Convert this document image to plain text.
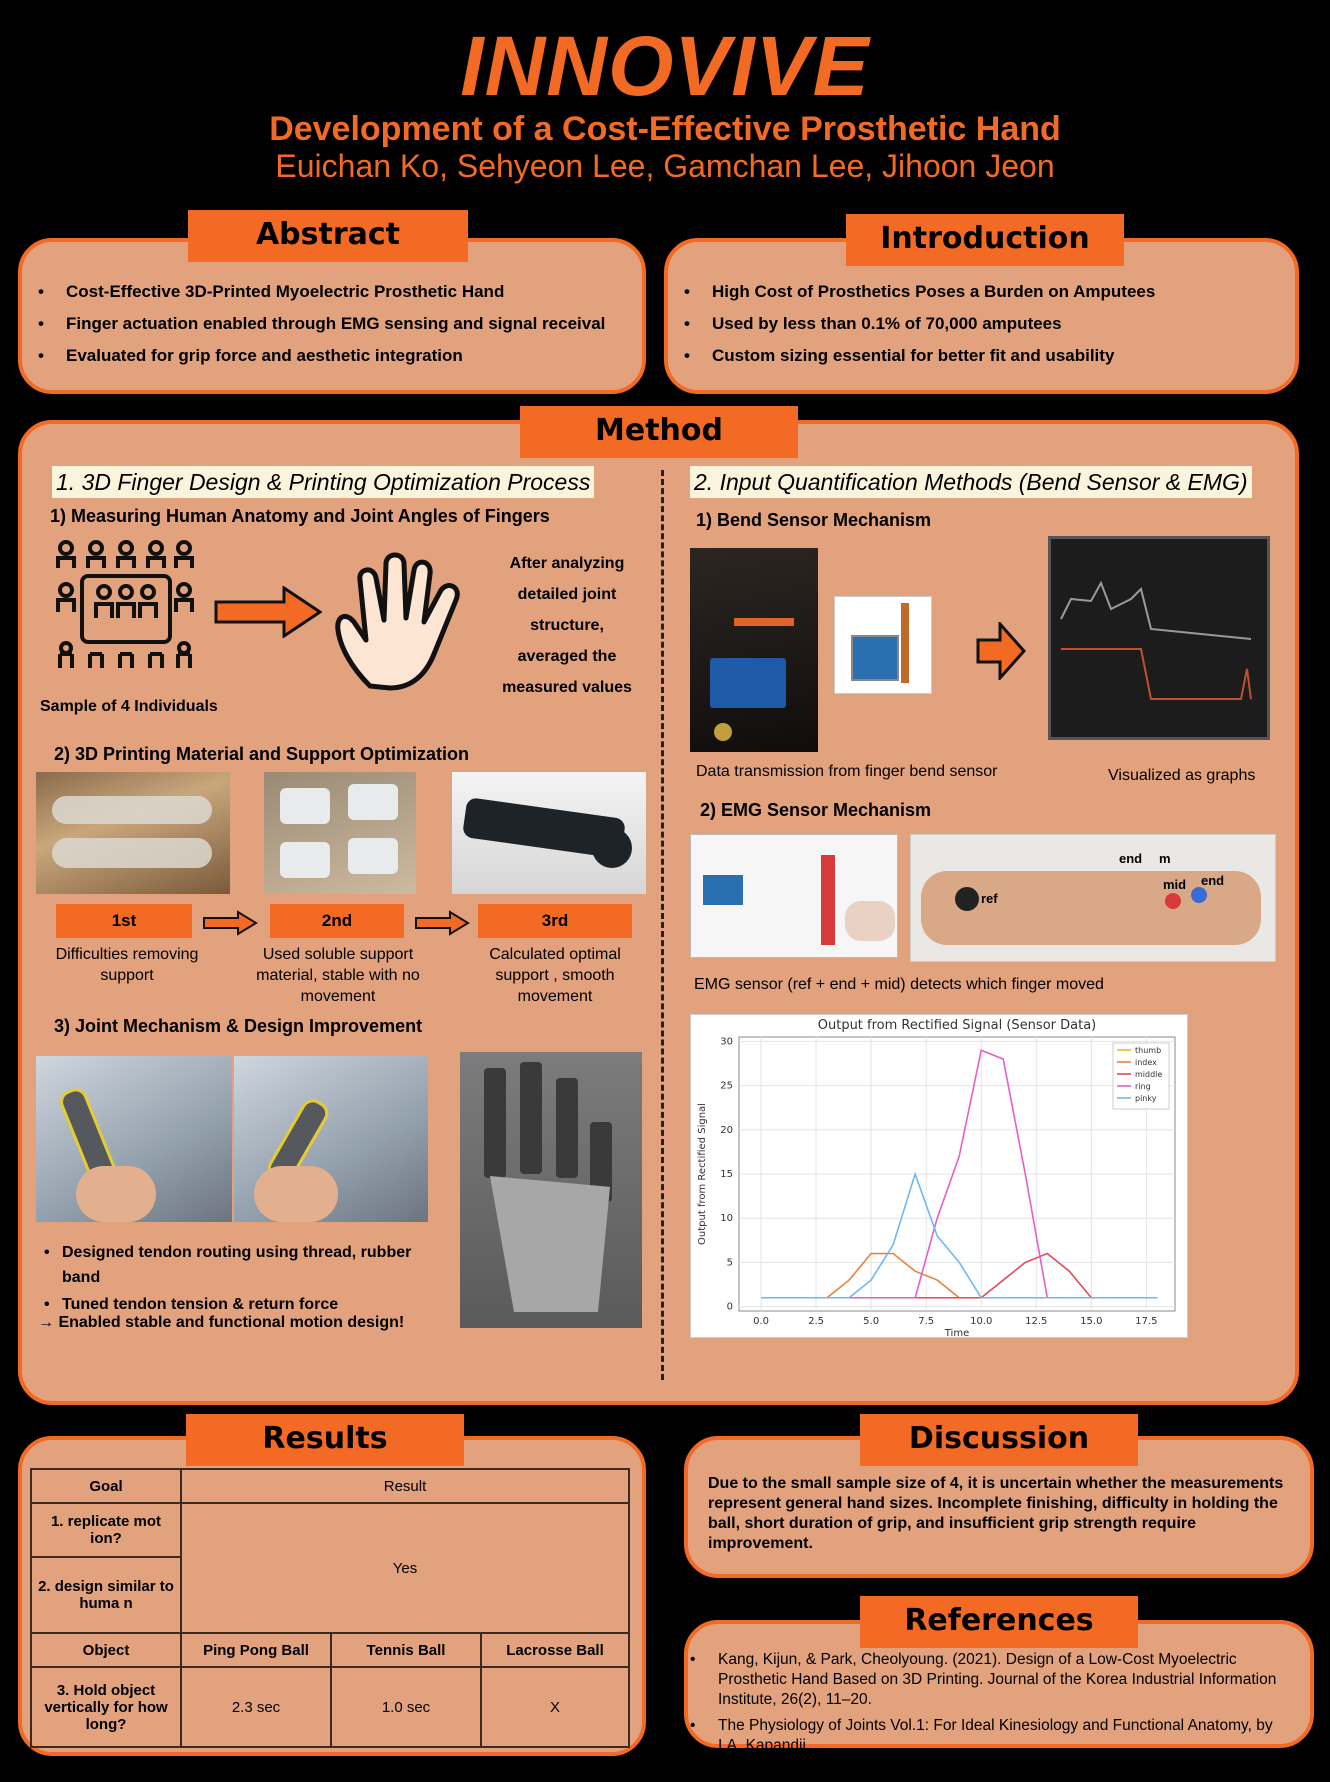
INNOVIVE
Development of a Cost-Effective Prosthetic Hand
Euichan Ko, Sehyeon Lee, Gamchan Lee, Jihoon Jeon
• Cost-Effective 3D-Printed Myoelectric Prosthetic Hand
• Finger actuation enabled through EMG sensing and signal receival
• Evaluated for grip force and aesthetic integration
Abstract
• High Cost of Prosthetics Poses a Burden on Amputees
• Used by less than 0.1% of 70,000 amputees
• Custom sizing essential for better fit and usability
Introduction
Method
1. 3D Finger Design & Printing Optimization Process
1) Measuring Human Anatomy and Joint Angles of Fingers
After analyzing detailed joint structure, averaged the measured values
Sample of 4 Individuals
2) 3D Printing Material and Support Optimization
1st	2nd	3rd
Difficulties removing support
Used soluble support material, stable with no movement
Calculated optimal support , smooth movement
3) Joint Mechanism & Design Improvement
• Designed tendon routing using thread, rubber band
• Tuned tendon tension & return force
→ Enabled stable and functional motion design!
2. Input Quantification Methods (Bend Sensor & EMG)
1) Bend Sensor Mechanism
Data transmission from finger bend sensor	Visualized as graphs
2) EMG Sensor Mechanism
end m
ref
mid end
EMG sensor (ref + end + mid) detects which finger moved
0.0	2.5	5.0	7.5	10.0	12.5	15.0	17.5
0
5
10
15
20
25
30
Output from Rectified Signal (Sensor Data)
Time
Output from Rectified Signal
thumb
index
middle
ring
pinky
Results
Goal	Result		
1. replicate mot ion?	Yes		
2. design similar to huma n			
Object	Ping Pong Ball	Tennis Ball	Lacrosse Ball
3. Hold object vertically for how long?	2.3 sec	1.0 sec	X
Due to the small sample size of 4, it is uncertain whether the measurements represent general hand sizes. Incomplete finishing, difficulty in holding the ball, short duration of grip, and insufficient grip strength require improvement.
Discussion
• Kang, Kijun, & Park, Cheolyoung. (2021). Design of a Low-Cost Myoelectric Prosthetic Hand Based on 3D Printing. Journal of the Korea Industrial Information Institute, 26(2), 11–20.
• The Physiology of Joints Vol.1: For Ideal Kinesiology and Functional Anatomy, by I.A. Kapandji
References
